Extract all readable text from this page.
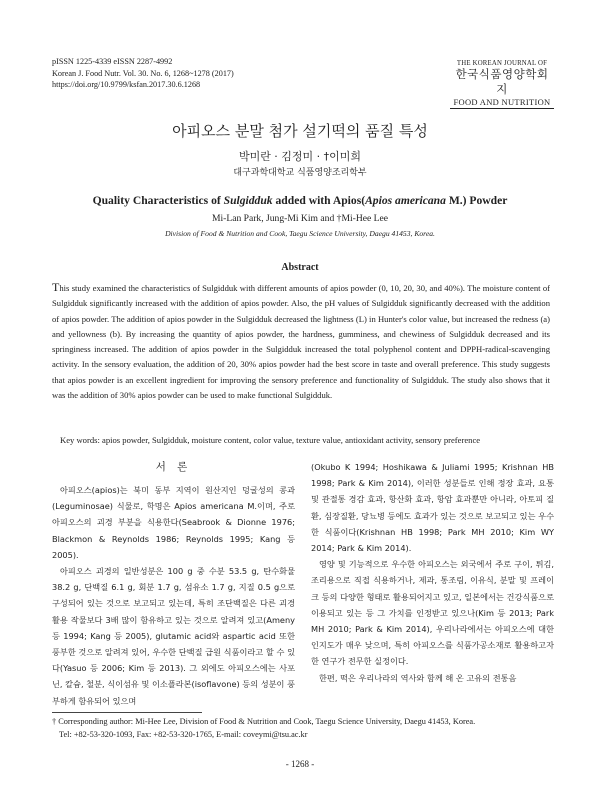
pISSN 1225-4339 eISSN 2287-4992
Korean J. Food Nutr. Vol. 30. No. 6, 1268~1278 (2017)
https://doi.org/10.9799/ksfan.2017.30.6.1268
THE KOREAN JOURNAL OF
한국식품영양학회지
FOOD AND NUTRITION
아피오스 분말 첨가 설기떡의 품질 특성
박미란 · 김정미 · †이미희
대구과학대학교 식품영양조리학부
Quality Characteristics of Sulgidduk added with Apios(Apios americana M.) Powder
Mi-Lan Park, Jung-Mi Kim and †Mi-Hee Lee
Division of Food & Nutrition and Cook, Taegu Science University, Daegu 41453, Korea.
Abstract
This study examined the characteristics of Sulgidduk with different amounts of apios powder (0, 10, 20, 30, and 40%). The moisture content of Sulgidduk significantly increased with the addition of apios powder. Also, the pH values of Sulgidduk significantly decreased with the addition of apios powder. The addition of apios powder in the Sulgidduk decreased the lightness (L) in Hunter's color value, but increased the redness (a) and yellowness (b). By increasing the quantity of apios powder, the hardness, gumminess, and chewiness of Sulgidduk decreased and its springiness increased. The addition of apios powder in the Sulgidduk increased the total polyphenol content and DPPH-radical-scavenging activity. In the sensory evaluation, the addition of 20, 30% apios powder had the best score in taste and overall preference. This study suggests that apios powder is an excellent ingredient for improving the sensory preference and functionality of Sulgidduk. The study also shows that it was the addition of 30% apios powder can be used to make functional Sulgidduk.
Key words: apios powder, Sulgidduk, moisture content, color value, texture value, antioxidant activity, sensory preference
서 론

아피오스(apios)는 북미 동부 지역이 원산지인 덩굴성의 콩과(Leguminosae) 식물로, 학명은 Apios americana M.이며, 주로 아피오스의 괴경 부분을 식용한다(Seabrook & Dionne 1976; Blackmon & Reynolds 1986; Reynolds 1995; Kang 등 2005).

아피오스 괴경의 일반성분은 100 g 중 수분 53.5 g, 탄수화물 38.2 g, 단백질 6.1 g, 회분 1.7 g, 섬유소 1.7 g, 지질 0.5 g으로 구성되어 있는 것으로 보고되고 있는데, 특히 조단백질은 다른 괴경 활용 작물보다 3배 많이 함유하고 있는 것으로 알려져 있고(Ameny 등 1994; Kang 등 2005), glutamic acid와 aspartic acid 또한 풍부한 것으로 알려져 있어, 우수한 단백질 급원 식품이라고 할 수 있다(Yasuo 등 2006; Kim 등 2013). 그 외에도 아피오스에는 사포닌, 칼슘, 철분, 식이섬유 및 이소플라본(isoflavone) 등의 성분이 풍부하게 함유되어 있으며

(Okubo K 1994; Hoshikawa & Juliami 1995; Krishnan HB 1998; Park & Kim 2014), 이러한 성분들로 인해 정장 효과, 요통 및 관절통 경감 효과, 항산화 효과, 항암 효과뿐만 아니라, 아토피 질환, 심장질환, 당뇨병 등에도 효과가 있는 것으로 보고되고 있는 우수한 식품이다(Krishnan HB 1998; Park MH 2010; Kim WY 2014; Park & Kim 2014).

영양 및 기능적으로 우수한 아피오스는 외국에서 주로 구이, 튀김, 조리용으로 직접 식용하거나, 제과, 통조림, 이유식, 분말 및 프레이크 등의 다양한 형태로 활용되어지고 있고, 일본에서는 건강식품으로 이용되고 있는 등 그 가치를 인정받고 있으나(Kim 등 2013; Park MH 2010; Park & Kim 2014), 우리나라에서는 아피오스에 대한 인지도가 매우 낮으며, 특히 아피오스를 식품가공소재로 활용하고자 한 연구가 전무한 실정이다.

한편, 떡은 우리나라의 역사와 함께 해 온 고유의 전통음

† Corresponding author: Mi-Hee Lee, Division of Food & Nutrition and Cook, Taegu Science University, Daegu 41453, Korea.
Tel: +82-53-320-1093, Fax: +82-53-320-1765, E-mail: coveymi@tsu.ac.kr
- 1268 -
